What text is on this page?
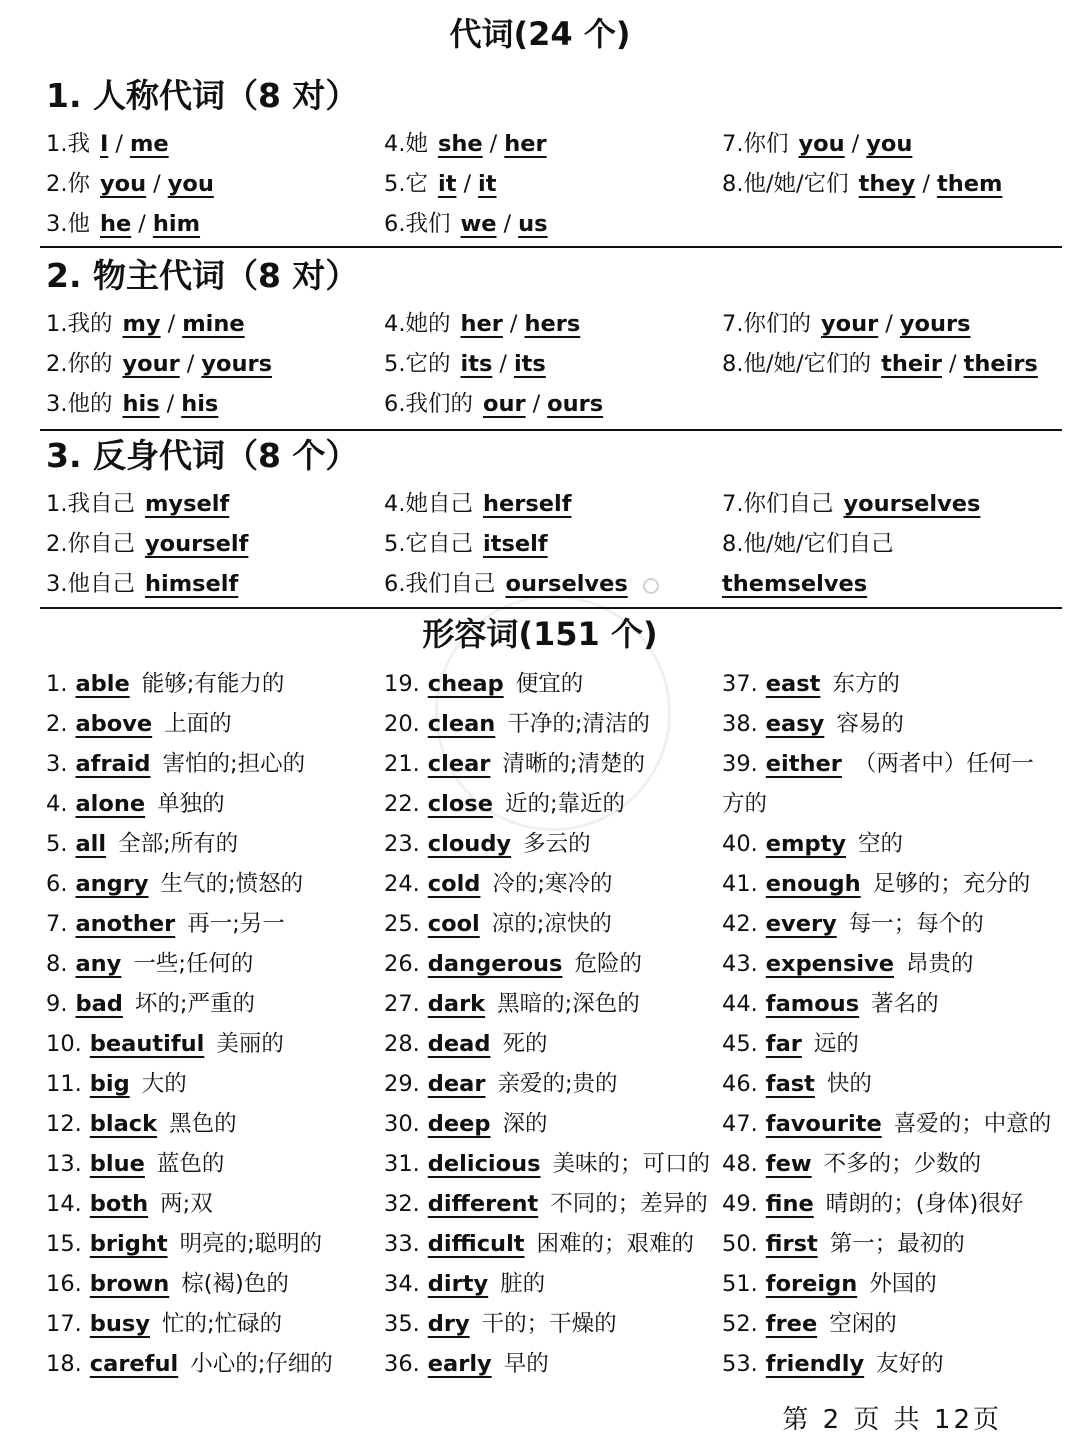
代词(24 个)
1. 人称代词（8 对）
1. 我 I / me	4. 她 she / her	7. 你们 you / you
2. 你 you / you	5. 它 it / it	8. 他/她/它们 they / them
3. 他 he / him	6. 我们 we / us
2. 物主代词（8 对）
1. 我的 my / mine	4. 她的 her / hers	7. 你们的 your / yours
2. 你的 your / yours	5. 它的 its / its	8. 他/她/它们的 their / theirs
3. 他的 his / his	6. 我们的 our / ours
3. 反身代词（8 个）
1. 我自己 myself	4. 她自己 herself	7. 你们自己 yourselves
2. 你自己 yourself	5. 它自己 itself	8. 他/她/它们自己
3. 他自己 himself	6. 我们自己 ourselves	themselves
形容词(151 个)
1. able 能够;有能力的
2. above 上面的
3. afraid 害怕的;担心的
4. alone 单独的
5. all 全部;所有的
6. angry 生气的;愤怒的
7. another 再一;另一
8. any 一些;任何的
9. bad 坏的;严重的
10. beautiful 美丽的
11. big 大的
12. black 黑色的
13. blue 蓝色的
14. both 两;双
15. bright 明亮的;聪明的
16. brown 棕(褐)色的
17. busy 忙的;忙碌的
18. careful 小心的;仔细的
19. cheap 便宜的
20. clean 干净的;清洁的
21. clear 清晰的;清楚的
22. close 近的;靠近的
23. cloudy 多云的
24. cold 冷的;寒冷的
25. cool 凉的;凉快的
26. dangerous 危险的
27. dark 黑暗的;深色的
28. dead 死的
29. dear 亲爱的;贵的
30. deep 深的
31. delicious 美味的；可口的
32. different 不同的；差异的
33. difficult 困难的；艰难的
34. dirty 脏的
35. dry 干的；干燥的
36. early 早的
37. east 东方的
38. easy 容易的
39. either （两者中）任何一
方的
40. empty 空的
41. enough 足够的；充分的
42. every 每一；每个的
43. expensive 昂贵的
44. famous 著名的
45. far 远的
46. fast 快的
47. favourite 喜爱的；中意的
48. few 不多的；少数的
49. fine 晴朗的；(身体)很好
50. first 第一；最初的
51. foreign 外国的
52. free 空闲的
53. friendly 友好的
第 2 页 共 12页
